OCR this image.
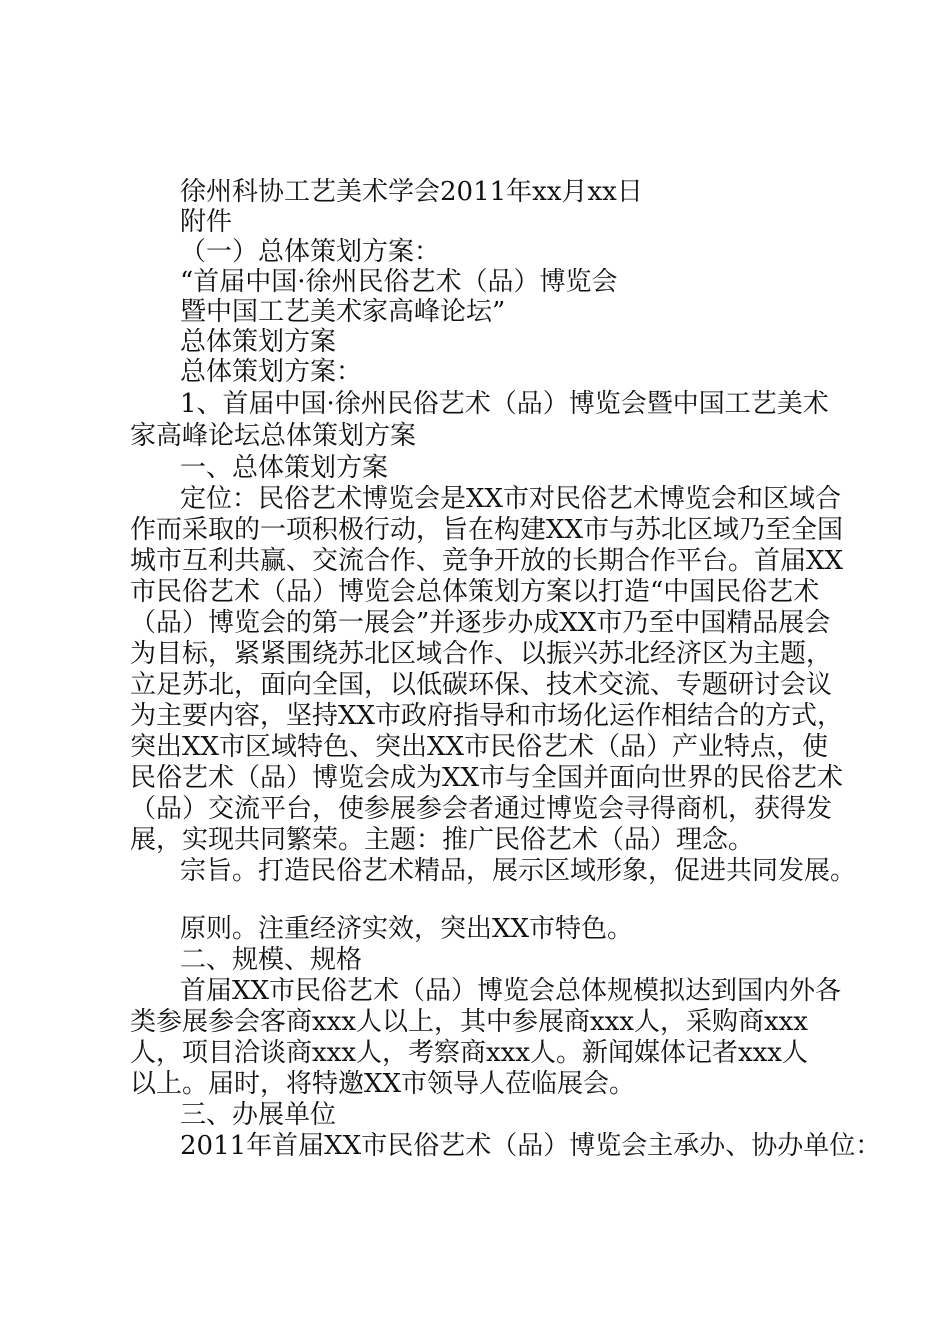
徐州科协工艺美术学会2011年xx月xx日
附件
（一）总体策划方案：
“首届中国·徐州民俗艺术（品）博览会
暨中国工艺美术家高峰论坛”
总体策划方案
总体策划方案：
1、首届中国·徐州民俗艺术（品）博览会暨中国工艺美术
家高峰论坛总体策划方案
一、总体策划方案
定位：民俗艺术博览会是XX市对民俗艺术博览会和区域合
作而采取的一项积极行动，旨在构建XX市与苏北区域乃至全国
城市互利共赢、交流合作、竞争开放的长期合作平台。首届XX
市民俗艺术（品）博览会总体策划方案以打造“中国民俗艺术
（品）博览会的第一展会”并逐步办成XX市乃至中国精品展会
为目标，紧紧围绕苏北区域合作、以振兴苏北经济区为主题，
立足苏北，面向全国，以低碳环保、技术交流、专题研讨会议
为主要内容，坚持XX市政府指导和市场化运作相结合的方式，
突出XX市区域特色、突出XX市民俗艺术（品）产业特点，使
民俗艺术（品）博览会成为XX市与全国并面向世界的民俗艺术
（品）交流平台，使参展参会者通过博览会寻得商机，获得发
展，实现共同繁荣。主题：推广民俗艺术（品）理念。
宗旨。打造民俗艺术精品，展示区域形象，促进共同发展。
原则。注重经济实效，突出XX市特色。
二、规模、规格
首届XX市民俗艺术（品）博览会总体规模拟达到国内外各
类参展参会客商xxx人以上，其中参展商xxx人，采购商xxx
人，项目洽谈商xxx人，考察商xxx人。新闻媒体记者xxx人
以上。届时，将特邀XX市领导人莅临展会。
三、办展单位
2011年首届XX市民俗艺术（品）博览会主承办、协办单位：
